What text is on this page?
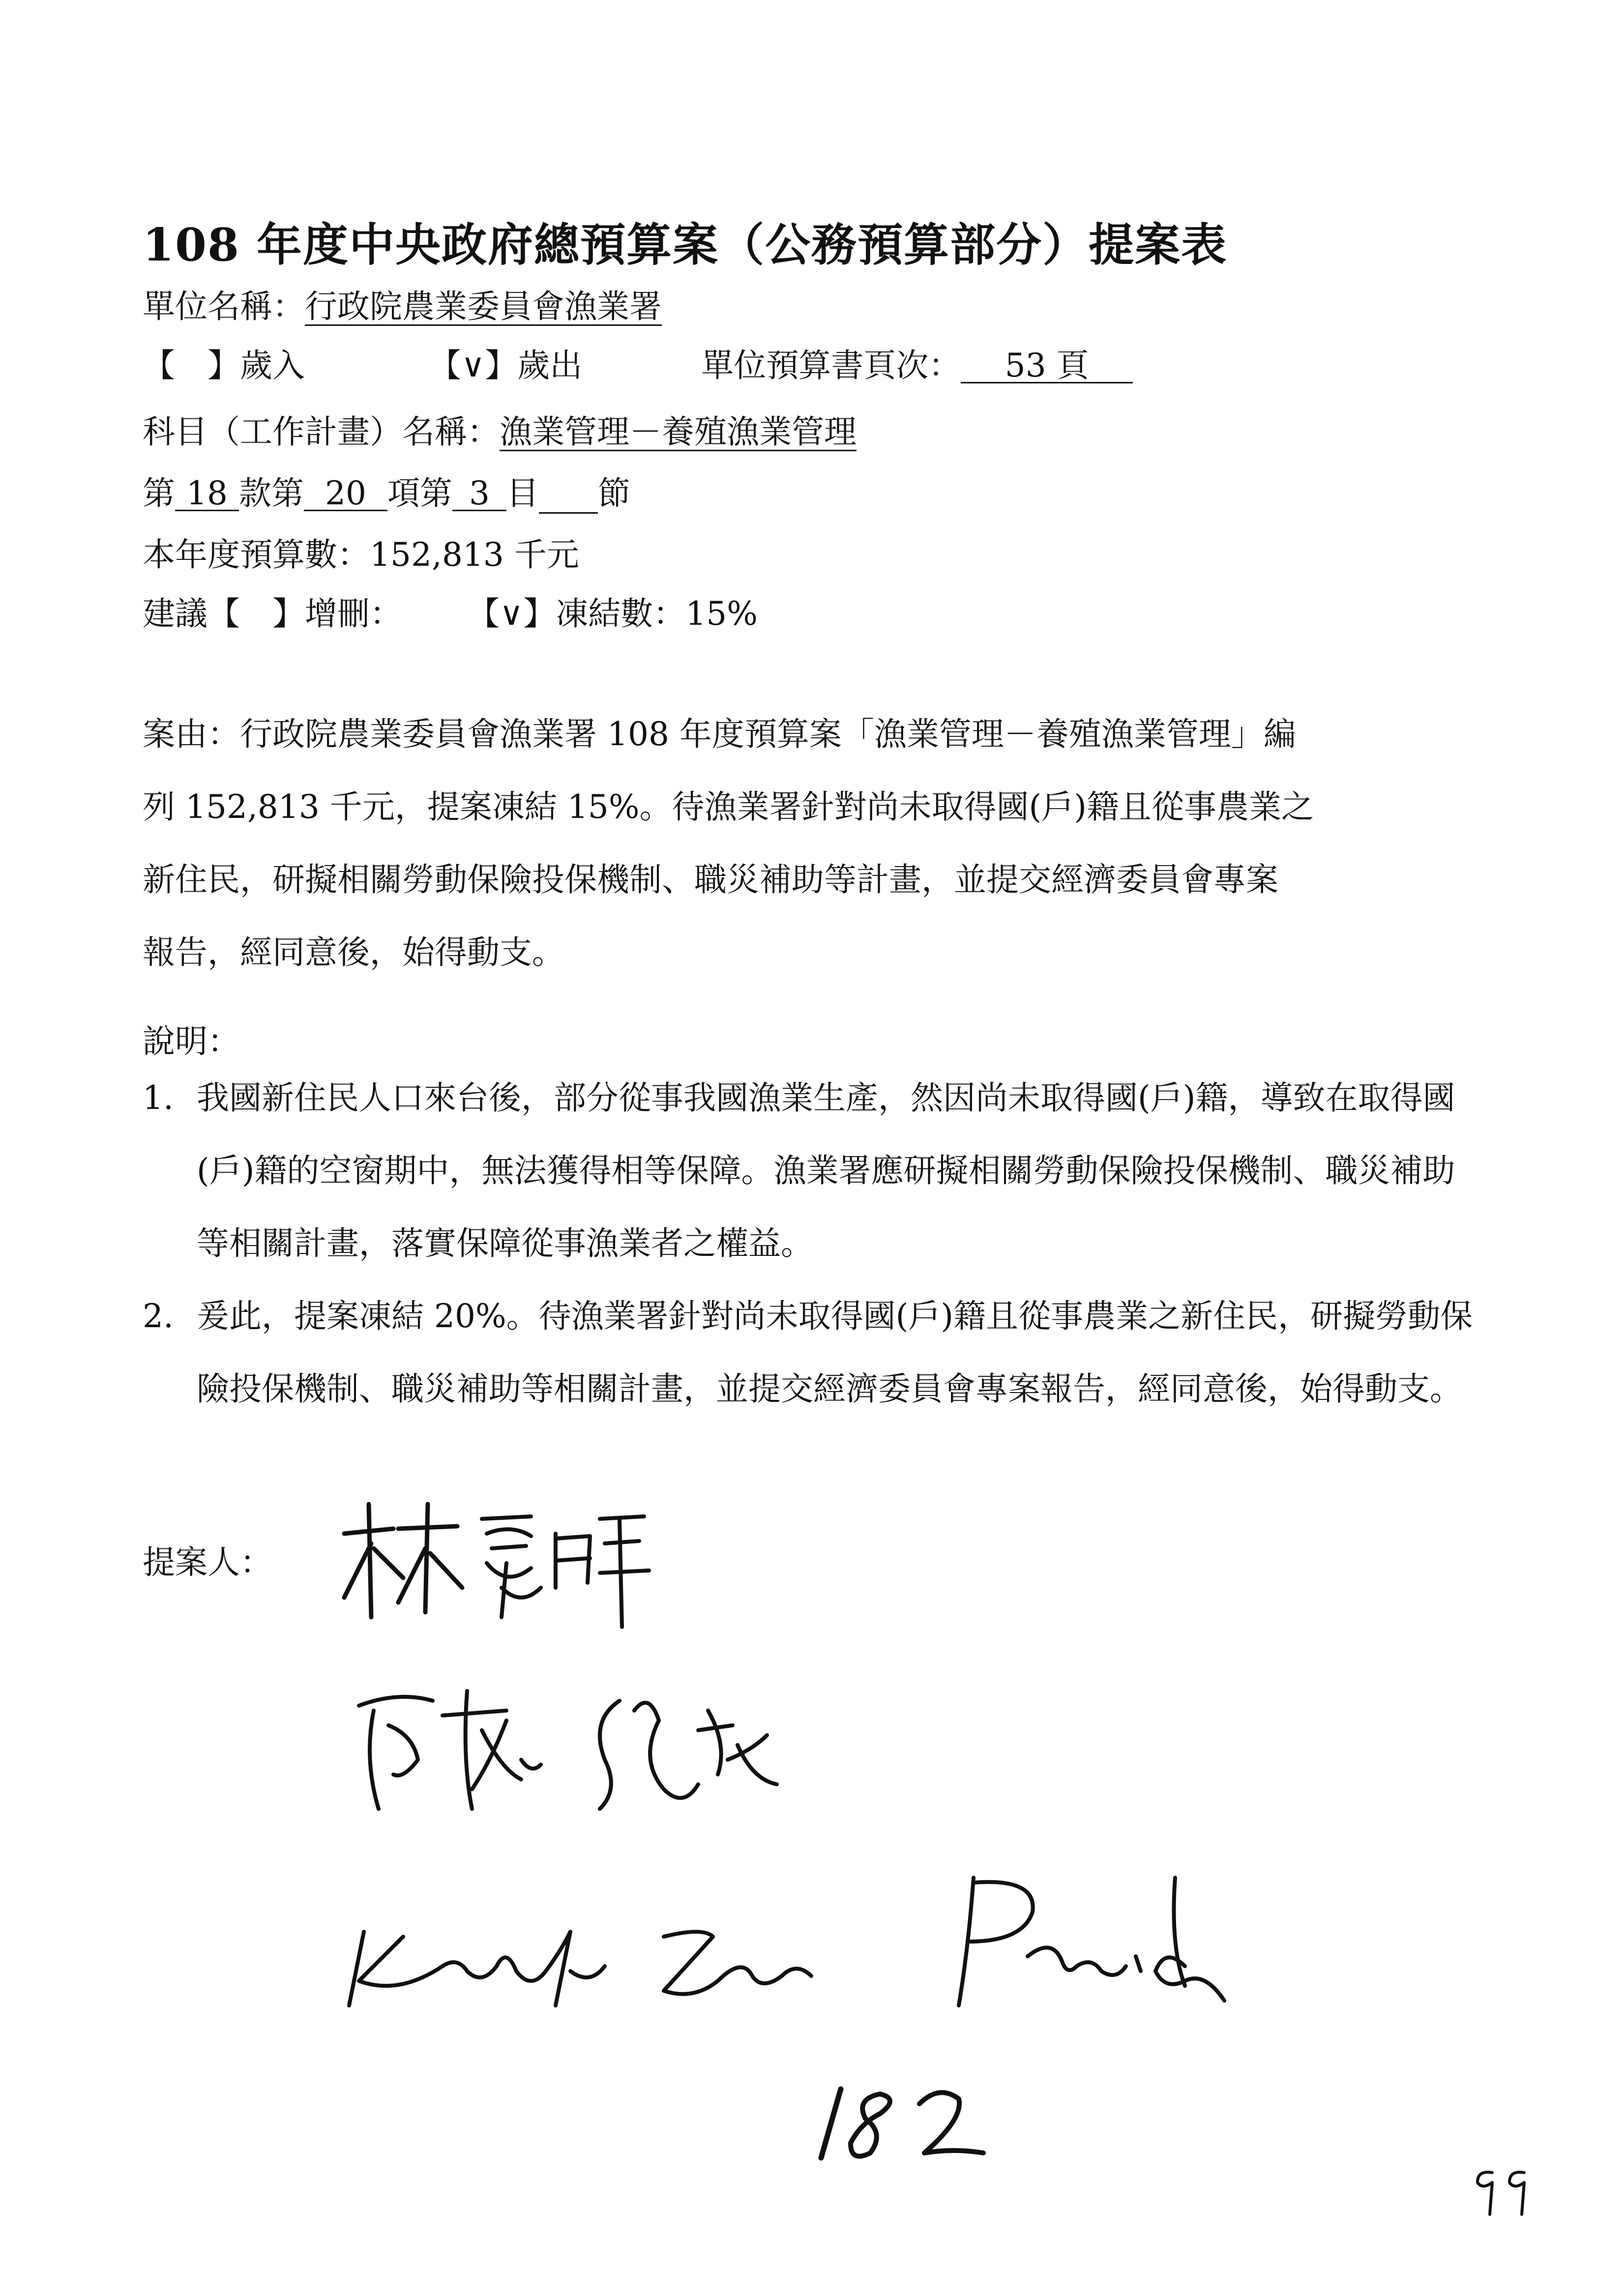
108 年度中央政府總預算案（公務預算部分）提案表
單位名稱：行政院農業委員會漁業署
【　】歲入	【∨】歲出	單位預算書頁次： 53 頁
科目（工作計畫）名稱：漁業管理－養殖漁業管理
第 18 款第 20 項第 3 目 節
本年度預算數：152,813 千元
建議【　】增刪： 【∨】凍結數：15%
案由：行政院農業委員會漁業署 108 年度預算案「漁業管理－養殖漁業管理」編
列 152,813 千元，提案凍結 15%。待漁業署針對尚未取得國(戶)籍且從事農業之
新住民，研擬相關勞動保險投保機制、職災補助等計畫，並提交經濟委員會專案
報告，經同意後，始得動支。
說明：
1. 我國新住民人口來台後，部分從事我國漁業生產，然因尚未取得國(戶)籍，導致在取得國(戶)籍的空窗期中，無法獲得相等保障。漁業署應研擬相關勞動保險投保機制、職災補助等相關計畫，落實保障從事漁業者之權益。
2. 爰此，提案凍結 20%。待漁業署針對尚未取得國(戶)籍且從事農業之新住民，研擬勞動保險投保機制、職災補助等相關計畫，並提交經濟委員會專案報告，經同意後，始得動支。
提案人：
